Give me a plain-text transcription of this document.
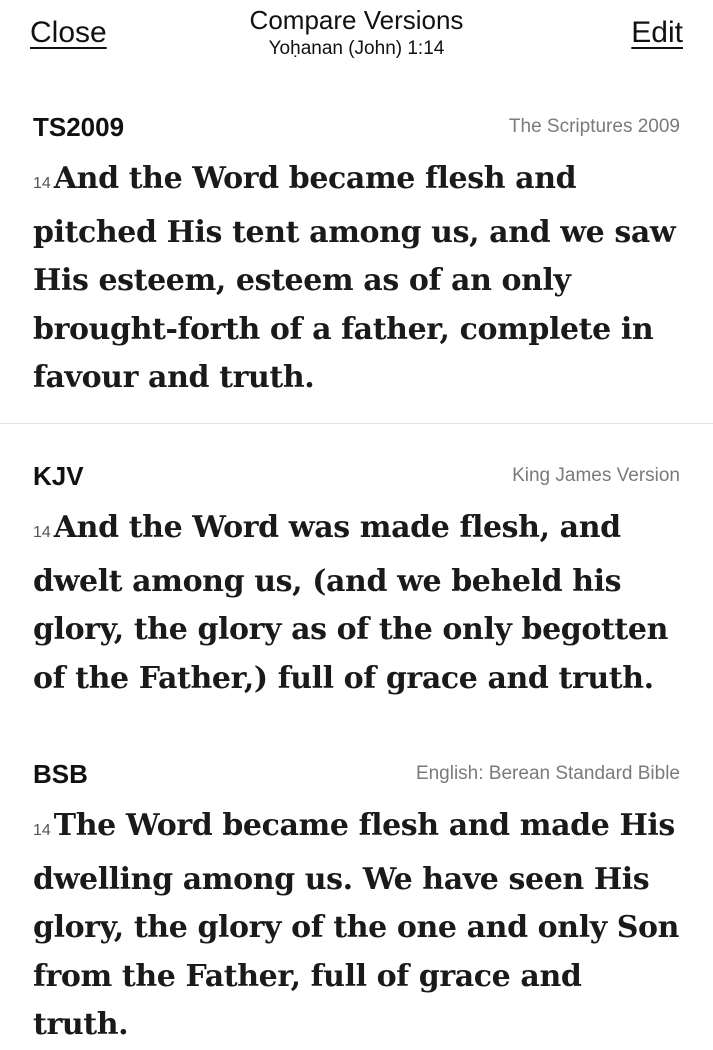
Close	Compare Versions
Yoḥanan (John) 1:14	Edit
TS2009	The Scriptures 2009
14 And the Word became flesh and pitched His tent among us, and we saw His esteem, esteem as of an only brought-forth of a father, complete in favour and truth.
KJV	King James Version
14 And the Word was made flesh, and dwelt among us, (and we beheld his glory, the glory as of the only begotten of the Father,) full of grace and truth.
BSB	English: Berean Standard Bible
14 The Word became flesh and made His dwelling among us. We have seen His glory, the glory of the one and only Son from the Father, full of grace and truth.
